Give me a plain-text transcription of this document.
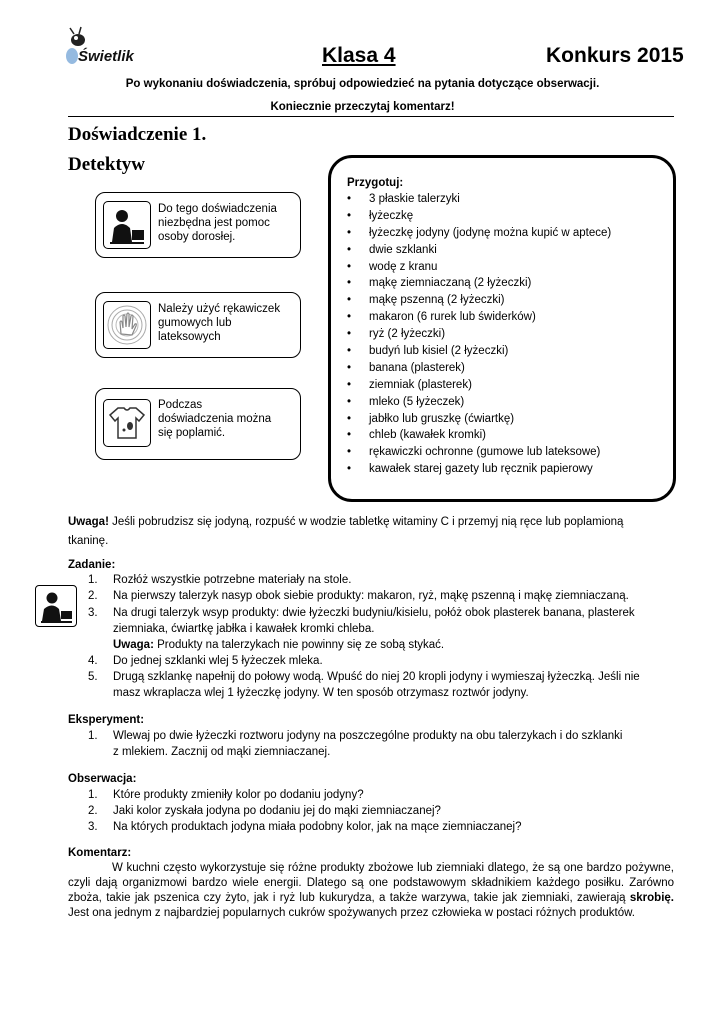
Świetlik	Klasa 4	Konkurs 2015
Po wykonaniu doświadczenia, spróbuj odpowiedzieć na pytania dotyczące obserwacji.
Koniecznie przeczytaj komentarz!
Doświadczenie 1.
Detektyw
Do tego doświadczenia
niezbędna jest pomoc
osoby dorosłej.
Należy użyć rękawiczek
gumowych lub
lateksowych
Podczas
doświadczenia można
się poplamić.
Przygotuj:
• 3 płaskie talerzyki
• łyżeczkę
• łyżeczkę jodyny (jodynę można kupić w aptece)
• dwie szklanki
• wodę z kranu
• mąkę ziemniaczaną (2 łyżeczki)
• mąkę pszenną (2 łyżeczki)
• makaron (6 rurek lub świderków)
• ryż (2 łyżeczki)
• budyń lub kisiel (2 łyżeczki)
• banana (plasterek)
• ziemniak (plasterek)
• mleko (5 łyżeczek)
• jabłko lub gruszkę (ćwiartkę)
• chleb (kawałek kromki)
• rękawiczki ochronne (gumowe lub lateksowe)
• kawałek starej gazety lub ręcznik papierowy
Uwaga! Jeśli pobrudzisz się jodyną, rozpuść w wodzie tabletkę witaminy C i przemyj nią ręce lub poplamioną
tkaninę.
Zadanie:
1. Rozłóż wszystkie potrzebne materiały na stole.
2. Na pierwszy talerzyk nasyp obok siebie produkty: makaron, ryż, mąkę pszenną i mąkę ziemniaczaną.
3. Na drugi talerzyk wsyp produkty: dwie łyżeczki budyniu/kisielu, połóż obok plasterek banana, plasterek
ziemniaka, ćwiartkę jabłka i kawałek kromki chleba.
Uwaga: Produkty na talerzykach nie powinny się ze sobą stykać.
4. Do jednej szklanki wlej 5 łyżeczek mleka.
5. Drugą szklankę napełnij do połowy wodą. Wpuść do niej 20 kropli jodyny i wymieszaj łyżeczką. Jeśli nie
masz wkraplacza wlej 1 łyżeczkę jodyny. W ten sposób otrzymasz roztwór jodyny.
Eksperyment:
1. Wlewaj po dwie łyżeczki roztworu jodyny na poszczególne produkty na obu talerzykach i do szklanki
z mlekiem. Zacznij od mąki ziemniaczanej.
Obserwacja:
1. Które produkty zmieniły kolor po dodaniu jodyny?
2. Jaki kolor zyskała jodyna po dodaniu jej do mąki ziemniaczanej?
3. Na których produktach jodyna miała podobny kolor, jak na mące ziemniaczanej?
Komentarz:
W kuchni często wykorzystuje się różne produkty zbożowe lub ziemniaki dlatego, że są one bardzo pożywne, czyli dają organizmowi bardzo wiele energii. Dlatego są one podstawowym składnikiem każdego posiłku. Zarówno zboża, takie jak pszenica czy żyto, jak i ryż lub kukurydza, a także warzywa, takie jak ziemniaki, zawierają skrobię. Jest ona jednym z najbardziej popularnych cukrów spożywanych przez człowieka w postaci różnych produktów.
